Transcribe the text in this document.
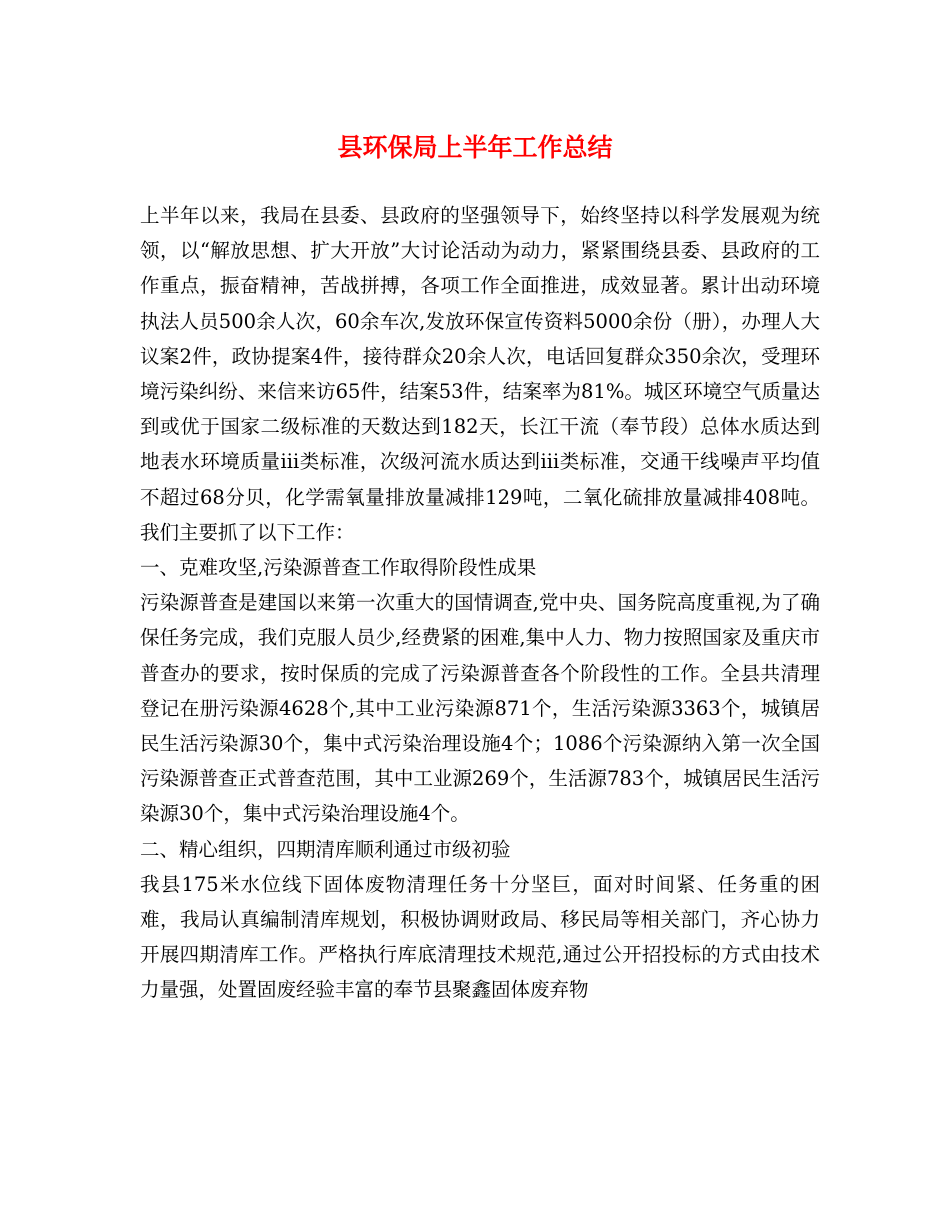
县环保局上半年工作总结

上半年以来，我局在县委、县政府的坚强领导下，始终坚持以科学发展观为统领，以“解放思想、扩大开放”大讨论活动为动力，紧紧围绕县委、县政府的工作重点，振奋精神，苦战拼搏，各项工作全面推进，成效显著。累计出动环境执法人员500余人次，60余车次,发放环保宣传资料5000余份（册），办理人大议案2件，政协提案4件，接待群众20余人次，电话回复群众350余次，受理环境污染纠纷、来信来访65件，结案53件，结案率为81%。城区环境空气质量达到或优于国家二级标准的天数达到182天，长江干流（奉节段）总体水质达到地表水环境质量ⅲ类标准，次级河流水质达到ⅲ类标准，交通干线噪声平均值不超过68分贝，化学需氧量排放量减排129吨，二氧化硫排放量减排408吨。我们主要抓了以下工作：

一、克难攻坚,污染源普查工作取得阶段性成果

污染源普查是建国以来第一次重大的国情调查,党中央、国务院高度重视,为了确保任务完成，我们克服人员少,经费紧的困难,集中人力、物力按照国家及重庆市普查办的要求，按时保质的完成了污染源普查各个阶段性的工作。全县共清理登记在册污染源4628个,其中工业污染源871个，生活污染源3363个，城镇居民生活污染源30个，集中式污染治理设施4个；1086个污染源纳入第一次全国污染源普查正式普查范围，其中工业源269个，生活源783个，城镇居民生活污染源30个，集中式污染治理设施4个。

二、精心组织，四期清库顺利通过市级初验

我县175米水位线下固体废物清理任务十分坚巨，面对时间紧、任务重的困难，我局认真编制清库规划，积极协调财政局、移民局等相关部门，齐心协力开展四期清库工作。严格执行库底清理技术规范,通过公开招投标的方式由技术力量强，处置固废经验丰富的奉节县聚鑫固体废弃物
